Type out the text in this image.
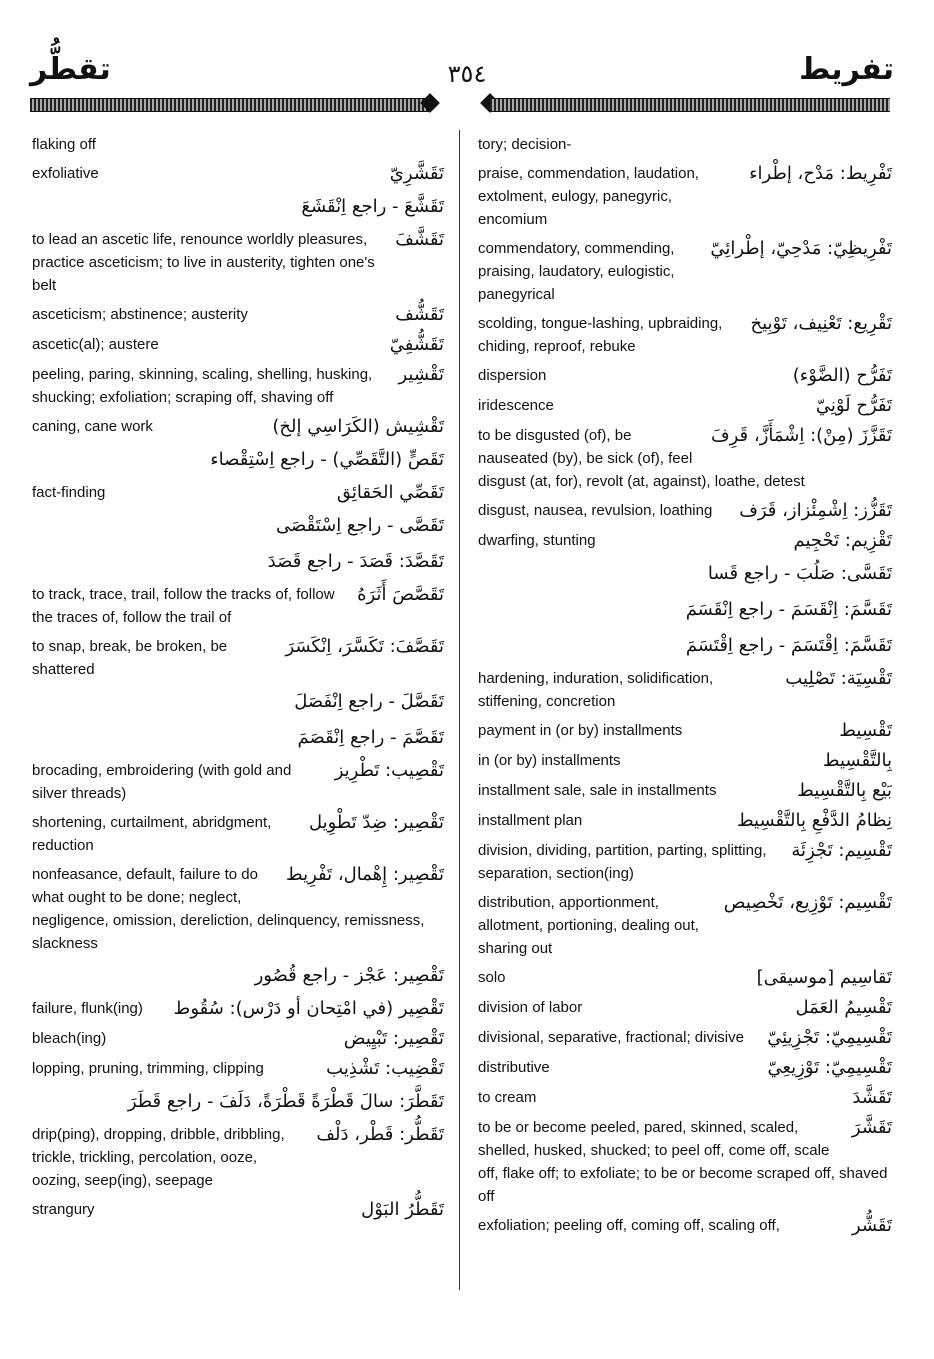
تقطُّر	٣٥٤	تفريط
flaking off
تَقَشَّرِيّ
exfoliative
تَقَشَّعَ - راجع اِنْقَشَعَ
تَقَشَّفَ
to lead an ascetic life, renounce worldly pleasures, practice asceticism; to live in austerity, tighten one's belt
تَقَشُّف
asceticism; abstinence; austerity
تَقَشُّفِيّ
ascetic(al); austere
تَقْشِير
peeling, paring, skinning, scaling, shelling, husking, shucking; exfoliation; scraping off, shaving off
تَقْشِيش (الكَرَاسِي إلخ)
caning, cane work
تَقَصٍّ (التَّقَصِّي) - راجع اِسْتِقْصاء
تَقَصِّي الحَقائِق
fact-finding
تَقَصَّى - راجع اِسْتَقْصَى
تَقَصَّدَ: قَصَدَ - راجع قَصَدَ
تَقَصَّصَ أَثَرَهُ
to track, trace, trail, follow the tracks of, follow the traces of, follow the trail of
تَقَصَّفَ: تَكَسَّرَ، اِنْكَسَرَ
to snap, break, be broken, be shattered
تَقَصَّلَ - راجع اِنْفَصَلَ
تَقَصَّمَ - راجع اِنْقَصَمَ
تَقْصِيب: تَطْرِيز
brocading, embroidering (with gold and silver threads)
تَقْصِير: ضِدّ تَطْوِيل
shortening, curtailment, abridgment, reduction
تَقْصِير: إِهْمال، تَفْرِيط
nonfeasance, default, failure to do what ought to be done; neglect, negligence, omission, dereliction, delinquency, remissness, slackness
تَقْصِير: عَجْز - راجع قُصُور
تَقْصِير (في امْتِحان أو دَرْس): سُقُوط
failure, flunk(ing)
تَقْصِير: تَبْيِيض
bleach(ing)
تَقْضِيب: تَشْذِيب
lopping, pruning, trimming, clipping
تَقَطَّرَ: سالَ قَطْرَةً قَطْرَةً، دَلَفَ - راجع قَطَرَ
تَقَطُّر: قَطْر، دَلْف
drip(ping), dropping, dribble, dribbling, trickle, trickling, percolation, ooze, oozing, seep(ing), seepage
تَقَطُّرُ البَوْل
strangury
tory; decision-
تَفْرِيط: مَدْح، إطْراء
praise, commendation, laudation, extolment, eulogy, panegyric, encomium
تَفْرِيظِيّ: مَدْحِيّ، إطْرائِيّ
commendatory, commending, praising, laudatory, eulogistic, panegyrical
تَقْرِيع: تَعْنِيف، تَوْبِيخ
scolding, tongue-lashing, upbraiding, chiding, reproof, rebuke
تَفَرُّح (الضَّوْء)
dispersion
تَفَرُّح لَوْنِيّ
iridescence
تَقَزَّزَ (مِنْ): اِشْمَأَزَّ، قَرِفَ
to be disgusted (of), be nauseated (by), be sick (of), feel disgust (at, for), revolt (at, against), loathe, detest
تَقَزُّز: اِشْمِئْزاز، قَرَف
disgust, nausea, revulsion, loathing
تَقْزِيم: تَحْجِيم
dwarfing, stunting
تَقَسَّى: صَلُبَ - راجع قَسا
تَقَسَّمَ: اِنْقَسَمَ - راجع اِنْقَسَمَ
تَقَسَّمَ: اِقْتَسَمَ - راجع اِقْتَسَمَ
تَقْسِيَة: تَصْلِيب
hardening, induration, solidification, stiffening, concretion
تَقْسِيط
payment in (or by) installments
بِالتَّقْسِيط
in (or by) installments
بَيْع بِالتَّقْسِيط
installment sale, sale in installments
نِظامُ الدَّفْعِ بِالتَّقْسِيط
installment plan
تَقْسِيم: تَجْزِئَة
division, dividing, partition, parting, splitting, separation, section(ing)
تَقْسِيم: تَوْزِيع، تَخْصِيص
distribution, apportionment, allotment, portioning, dealing out, sharing out
تَقاسِيم [موسيقى]
solo
تَقْسِيمُ العَمَل
division of labor
تَقْسِيمِيّ: تَجْزِيئِيّ
divisional, separative, fractional; divisive
تَقْسِيمِيّ: تَوْزِيعِيّ
distributive
تَقَشَّدَ
to cream
تَقَشَّرَ
to be or become peeled, pared, skinned, scaled, shelled, husked, shucked; to peel off, come off, scale off, flake off; to exfoliate; to be or become scraped off, shaved off
تَقَشُّر
exfoliation; peeling off, coming off, scaling off,
